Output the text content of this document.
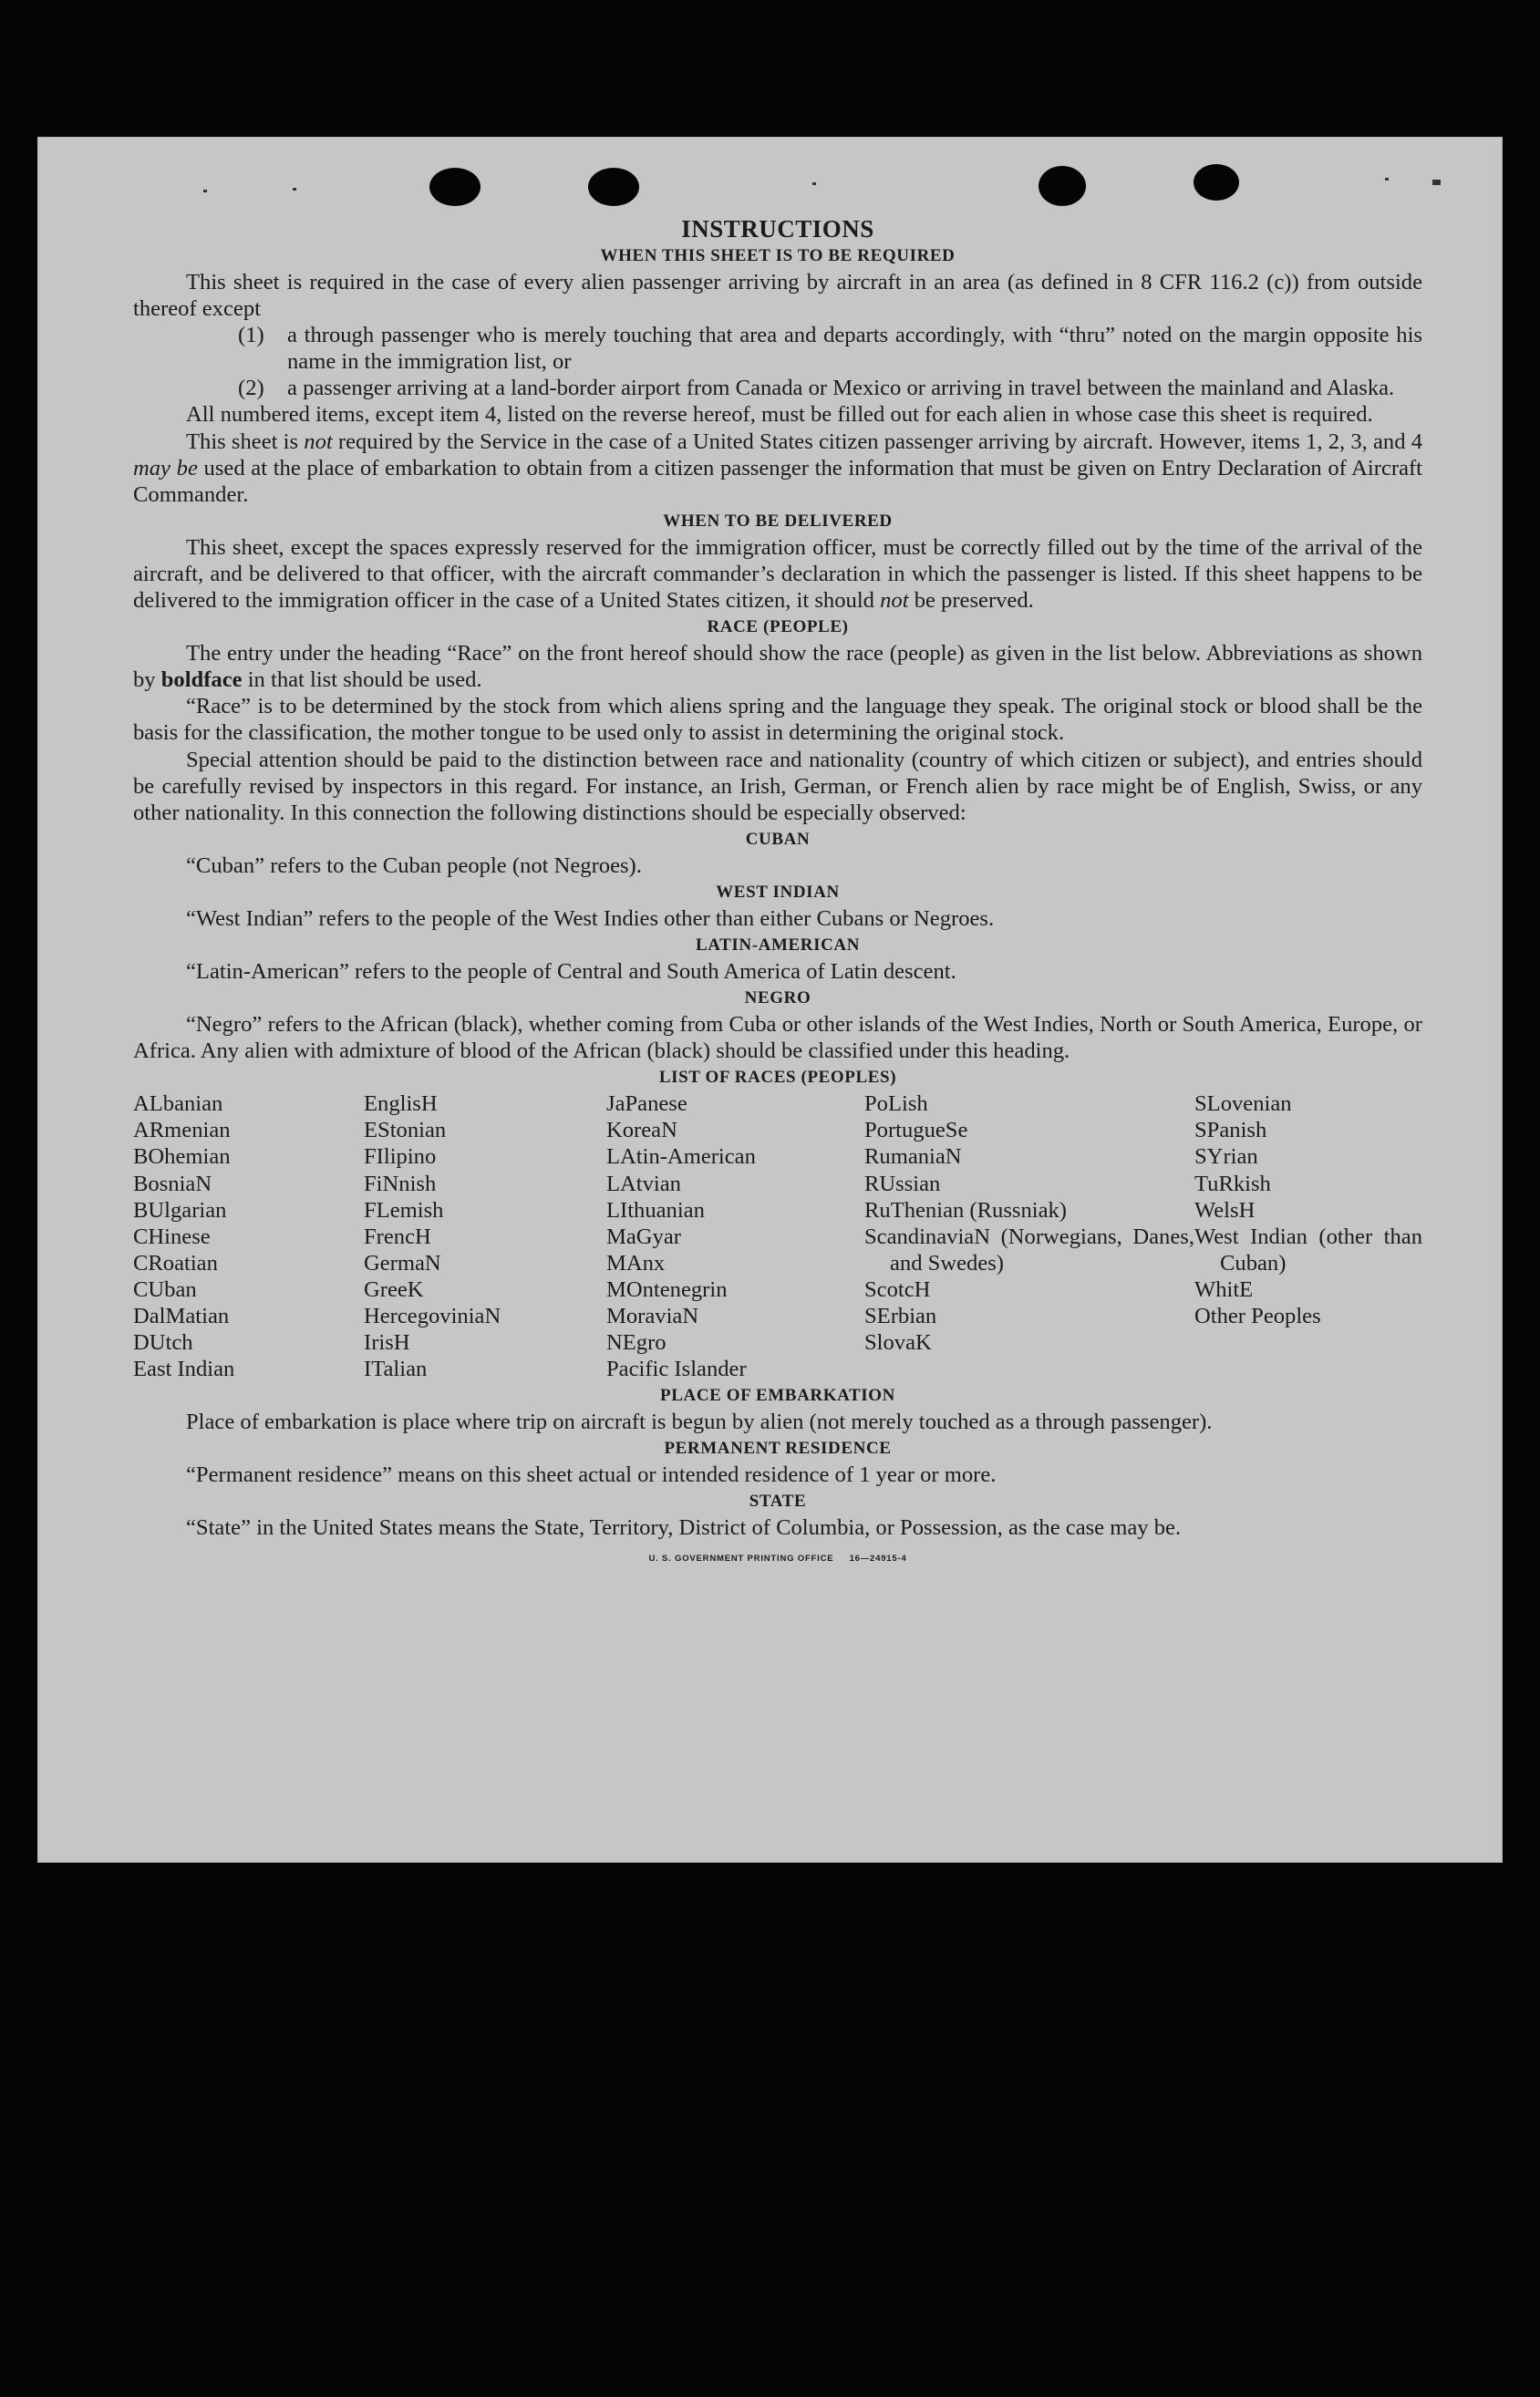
INSTRUCTIONS
WHEN THIS SHEET IS TO BE REQUIRED

This sheet is required in the case of every alien passenger arriving by aircraft in an area (as defined in 8 CFR 116.2 (c)) from outside thereof except

(1)	a through passenger who is merely touching that area and departs accordingly, with “thru” noted on the margin opposite his name in the immigration list, or
(2)	a passenger arriving at a land-border airport from Canada or Mexico or arriving in travel between the mainland and Alaska.

All numbered items, except item 4, listed on the reverse hereof, must be filled out for each alien in whose case this sheet is required.

This sheet is not required by the Service in the case of a United States citizen passenger arriving by aircraft. However, items 1, 2, 3, and 4 may be used at the place of embarkation to obtain from a citizen passenger the information that must be given on Entry Declaration of Aircraft Commander.

WHEN TO BE DELIVERED

This sheet, except the spaces expressly reserved for the immigration officer, must be correctly filled out by the time of the arrival of the aircraft, and be delivered to that officer, with the aircraft commander’s declaration in which the passenger is listed. If this sheet happens to be delivered to the immigration officer in the case of a United States citizen, it should not be preserved.

RACE (PEOPLE)

The entry under the heading “Race” on the front hereof should show the race (people) as given in the list below. Abbreviations as shown by boldface in that list should be used.

“Race” is to be determined by the stock from which aliens spring and the language they speak. The original stock or blood shall be the basis for the classification, the mother tongue to be used only to assist in determining the original stock.

Special attention should be paid to the distinction between race and nationality (country of which citizen or subject), and entries should be carefully revised by inspectors in this regard. For instance, an Irish, German, or French alien by race might be of English, Swiss, or any other nationality. In this connection the following distinctions should be especially observed:

CUBAN

“Cuban” refers to the Cuban people (not Negroes).

WEST INDIAN

“West Indian” refers to the people of the West Indies other than either Cubans or Negroes.

LATIN-AMERICAN

“Latin-American” refers to the people of Central and South America of Latin descent.

NEGRO

“Negro” refers to the African (black), whether coming from Cuba or other islands of the West Indies, North or South America, Europe, or Africa. Any alien with admixture of blood of the African (black) should be classified under this heading.

LIST OF RACES (PEOPLES)
ALbanian
ARmenian
BOhemian
BosniaN
BUlgarian
CHinese
CRoatian
CUban
DalMatian
DUtch
East Indian
EnglisH
EStonian
FIlipino
FiNnish
FLemish
FrencH
GermaN
GreeK
HercegoviniaN
IrisH
ITalian
JaPanese
KoreaN
LAtin-American
LAtvian
LIthuanian
MaGyar
MAnx
MOntenegrin
MoraviaN
NEgro
Pacific Islander
PoLish
PortugueSe
RumaniaN
RUssian
RuThenian (Russniak)
ScandinaviaN (Norwegians, Danes, and Swedes)
ScotcH
SErbian
SlovaK
SLovenian
SPanish
SYrian
TuRkish
WelsH
West Indian (other than Cuban)
WhitE
Other Peoples
PLACE OF EMBARKATION

Place of embarkation is place where trip on aircraft is begun by alien (not merely touched as a through passenger).

PERMANENT RESIDENCE

“Permanent residence” means on this sheet actual or intended residence of 1 year or more.

STATE

“State” in the United States means the State, Territory, District of Columbia, or Possession, as the case may be.

U. S. GOVERNMENT PRINTING OFFICE     16—24915-4
